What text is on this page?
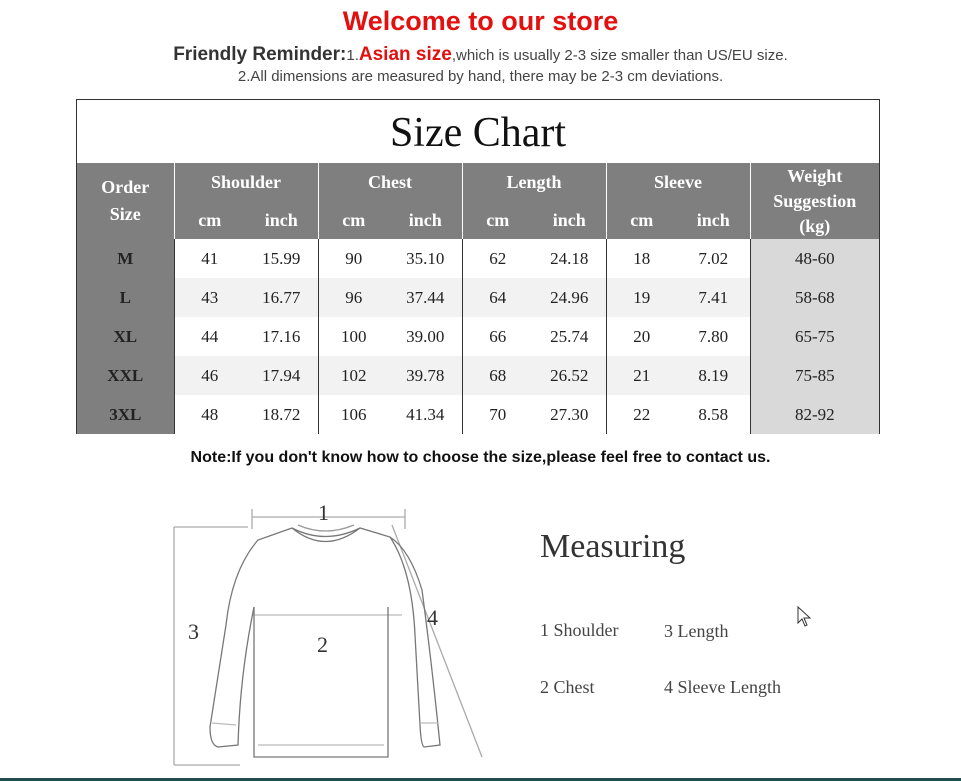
Welcome to our store
Friendly Reminder:1.Asian size,which is usually 2-3 size smaller than US/EU size.
2.All dimensions are measured by hand, there may be 2-3 cm deviations.
Size Chart
Order
Size	Shoulder		Chest		Length		Sleeve		Weight
Suggestion
(kg)
	cm	inch	cm	inch	cm	inch	cm	inch	
M	41	15.99	90	35.10	62	24.18	18	7.02	48-60
L	43	16.77	96	37.44	64	24.96	19	7.41	58-68
XL	44	17.16	100	39.00	66	25.74	20	7.80	65-75
XXL	46	17.94	102	39.78	68	26.52	21	8.19	75-85
3XL	48	18.72	106	41.34	70	27.30	22	8.58	82-92
Note:If you don't know how to choose the size,please feel free to contact us.
1
2
3
4
Measuring
1 Shoulder	3 Length
2 Chest	4 Sleeve Length
